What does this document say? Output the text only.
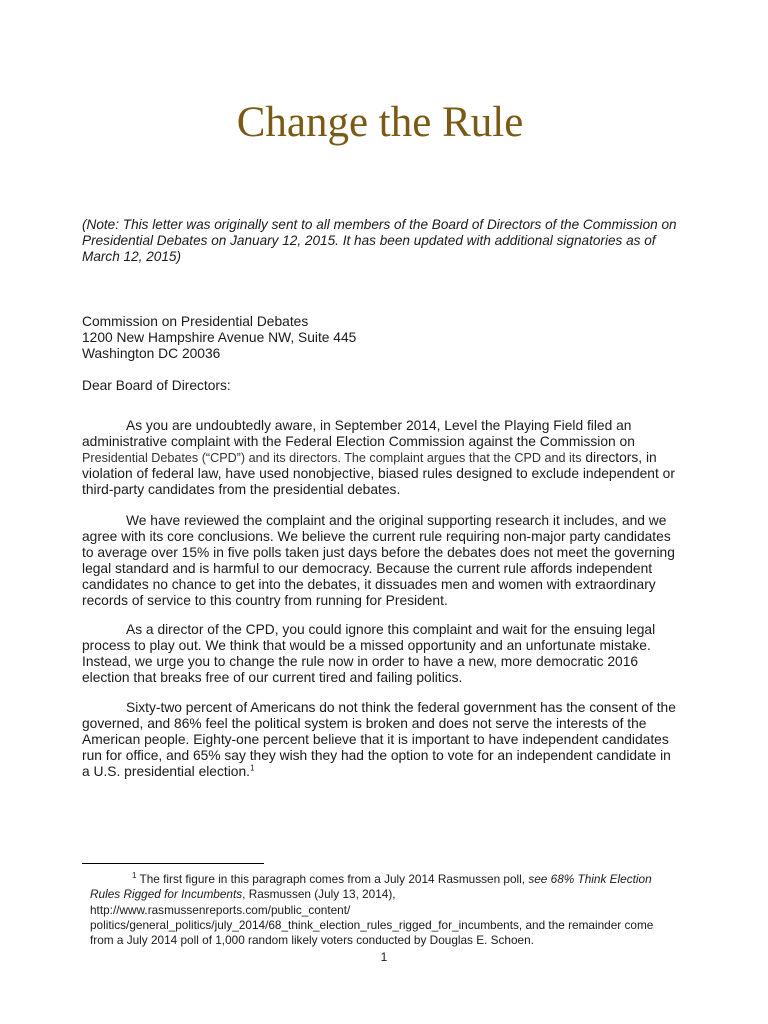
Change the Rule
(Note: This letter was originally sent to all members of the Board of Directors of the Commission on Presidential Debates on January 12, 2015. It has been updated with additional signatories as of March 12, 2015)
Commission on Presidential Debates
1200 New Hampshire Avenue NW, Suite 445
Washington DC 20036
Dear Board of Directors:

As you are undoubtedly aware, in September 2014, Level the Playing Field filed an administrative complaint with the Federal Election Commission against the Commission on Presidential Debates (“CPD”) and its directors. The complaint argues that the CPD and its directors, in violation of federal law, have used nonobjective, biased rules designed to exclude independent or third-party candidates from the presidential debates.

We have reviewed the complaint and the original supporting research it includes, and we agree with its core conclusions. We believe the current rule requiring non-major party candidates to average over 15% in five polls taken just days before the debates does not meet the governing legal standard and is harmful to our democracy. Because the current rule affords independent candidates no chance to get into the debates, it dissuades men and women with extraordinary records of service to this country from running for President.

As a director of the CPD, you could ignore this complaint and wait for the ensuing legal process to play out. We think that would be a missed opportunity and an unfortunate mistake. Instead, we urge you to change the rule now in order to have a new, more democratic 2016 election that breaks free of our current tired and failing politics.

Sixty-two percent of Americans do not think the federal government has the consent of the governed, and 86% feel the political system is broken and does not serve the interests of the American people. Eighty-one percent believe that it is important to have independent candidates run for office, and 65% say they wish they had the option to vote for an independent candidate in a U.S. presidential election.$^1$

$^1$ The first figure in this paragraph comes from a July 2014 Rasmussen poll, see 68% Think Election Rules Rigged for Incumbents, Rasmussen (July 13, 2014),
http://www.rasmussenreports.com/public_content/
politics/general_politics/july_2014/68_think_election_rules_rigged_for_incumbents, and the remainder come from a July 2014 poll of 1,000 random likely voters conducted by Douglas E. Schoen.
1
